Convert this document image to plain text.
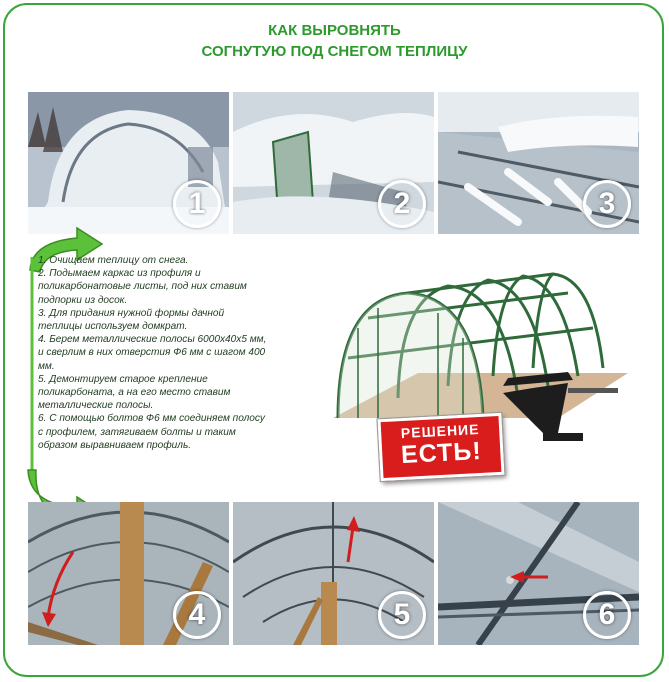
КАК ВЫРОВНЯТЬ
СОГНУТУЮ ПОД СНЕГОМ ТЕПЛИЦУ
1	2	3
1. Очищаем теплицу от снега.
2. Подымаем каркас из профиля и
поликарбонатовые листы, под них ставим
подпорки из досок.
3. Для придания нужной формы дачной
теплицы используем домкрат.
4. Берем металлические полосы 6000х40х5 мм,
и сверлим в них отверстия Ф6 мм с шагом 400
мм.
5. Демонтируем старое крепление
поликарбоната, а на его место ставим
металлические полосы.
6. С помощью болтов Ф6 мм соединяем полосу
с профилем, затягиваем болты и таким
образом выравниваем профиль.
РЕШЕНИЕ
ЕСТЬ!
4	5	6
